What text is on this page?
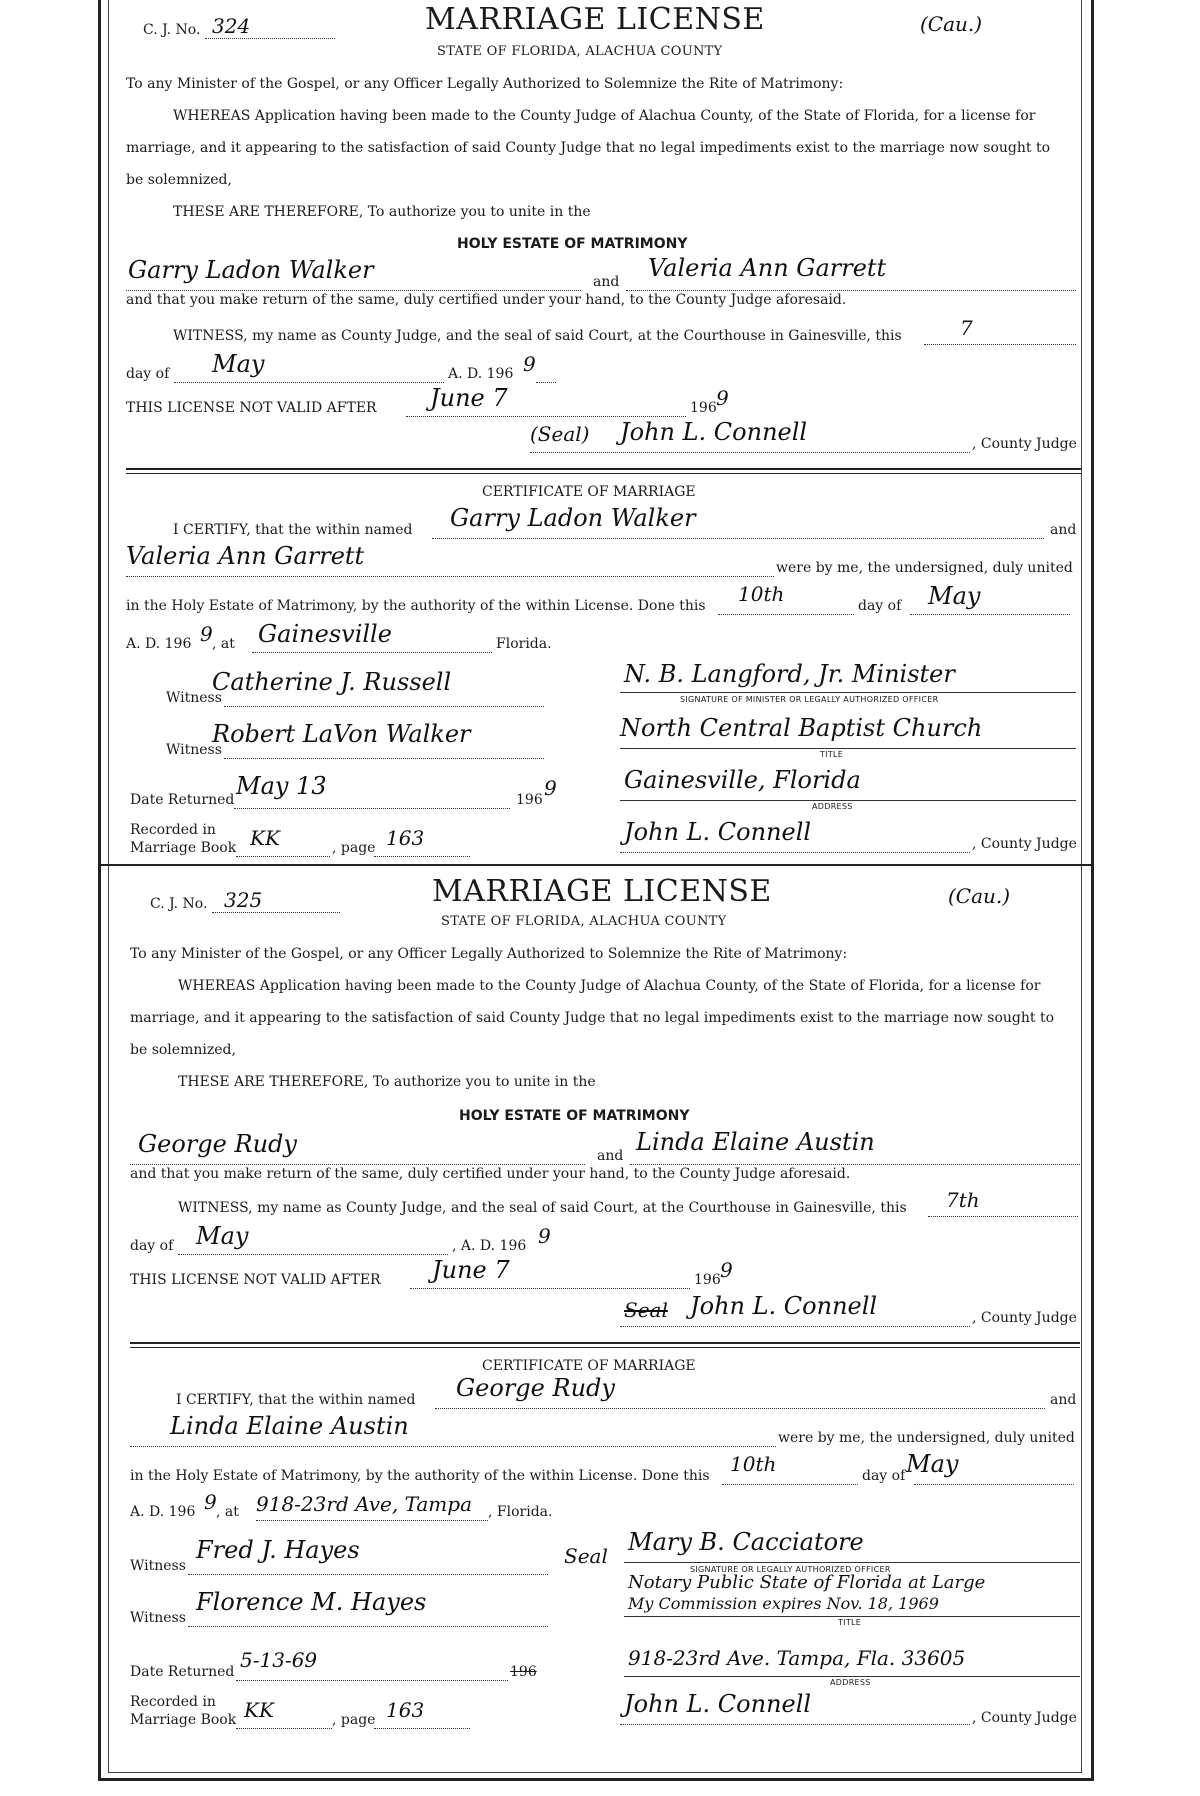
C. J. No. 324	MARRIAGE LICENSE	(Cau.)
STATE OF FLORIDA, ALACHUA COUNTY
To any Minister of the Gospel, or any Officer Legally Authorized to Solemnize the Rite of Matrimony:
WHEREAS Application having been made to the County Judge of Alachua County, of the State of Florida, for a license for
marriage, and it appearing to the satisfaction of said County Judge that no legal impediments exist to the marriage now sought to
be solemnized,
THESE ARE THEREFORE, To authorize you to unite in the
HOLY ESTATE OF MATRIMONY
Garry Ladon Walker	and Valeria Ann Garrett
and that you make return of the same, duly certified under your hand, to the County Judge aforesaid.
WITNESS, my name as County Judge, and the seal of said Court, at the Courthouse in Gainesville, this	7
day of May	A. D. 196 9
THIS LICENSE NOT VALID AFTER June 7	196 9
(Seal) John L. Connell	, County Judge
CERTIFICATE OF MARRIAGE
I CERTIFY, that the within named Garry Ladon Walker	and
Valeria Ann Garrett	were by me, the undersigned, duly united
in the Holy Estate of Matrimony, by the authority of the within License. Done this 10th	day of May
A. D. 196 9 , at Gainesville	Florida.
Witness
Catherine J. Russell	N. B. Langford, Jr. Minister
SIGNATURE OF MINISTER OR LEGALLY AUTHORIZED OFFICER
Witness
Robert LaVon Walker	North Central Baptist Church
TITLE
Date Returned May 13	196 9	Gainesville, Florida
ADDRESS
Recorded in
Marriage Book KK	, page 163	John L. Connell	, County Judge
C. J. No. 325	MARRIAGE LICENSE	(Cau.)
STATE OF FLORIDA, ALACHUA COUNTY
To any Minister of the Gospel, or any Officer Legally Authorized to Solemnize the Rite of Matrimony:
WHEREAS Application having been made to the County Judge of Alachua County, of the State of Florida, for a license for
marriage, and it appearing to the satisfaction of said County Judge that no legal impediments exist to the marriage now sought to
be solemnized,
THESE ARE THEREFORE, To authorize you to unite in the
HOLY ESTATE OF MATRIMONY
George Rudy	and Linda Elaine Austin
and that you make return of the same, duly certified under your hand, to the County Judge aforesaid.
WITNESS, my name as County Judge, and the seal of said Court, at the Courthouse in Gainesville, this 7th
day of May	, A. D. 196 9
THIS LICENSE NOT VALID AFTER June 7	196 9
Seal John L. Connell	, County Judge
CERTIFICATE OF MARRIAGE
I CERTIFY, that the within named George Rudy	and
Linda Elaine Austin	were by me, the undersigned, duly united
in the Holy Estate of Matrimony, by the authority of the within License. Done this 10th	day of May
A. D. 196 9 , at 918-23rd Ave, Tampa , Florida.
Witness
Fred J. Hayes	Seal Mary B. Cacciatore
SIGNATURE OR LEGALLY AUTHORIZED OFFICER
Witness
Florence M. Hayes
Notary Public State of Florida at Large
My Commission expires Nov. 18, 1969
TITLE
Date Returned 5-13-69	196
918-23rd Ave. Tampa, Fla. 33605
ADDRESS
Recorded in
Marriage Book KK	, page 163	John L. Connell	, County Judge
